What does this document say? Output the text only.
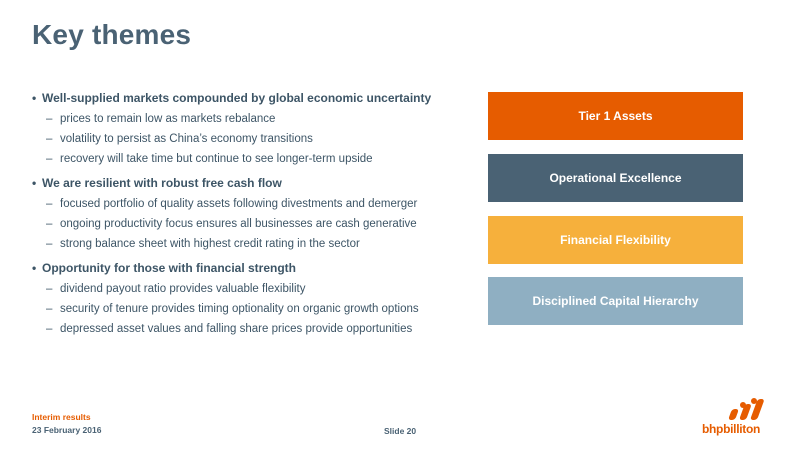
Key themes
• Well-supplied markets compounded by global economic uncertainty
– prices to remain low as markets rebalance
– volatility to persist as China’s economy transitions
– recovery will take time but continue to see longer-term upside
• We are resilient with robust free cash flow
– focused portfolio of quality assets following divestments and demerger
– ongoing productivity focus ensures all businesses are cash generative
– strong balance sheet with highest credit rating in the sector
• Opportunity for those with financial strength
– dividend payout ratio provides valuable flexibility
– security of tenure provides timing optionality on organic growth options
– depressed asset values and falling share prices provide opportunities
Tier 1 Assets
Operational Excellence
Financial Flexibility
Disciplined Capital Hierarchy
Interim results
23 February 2016	Slide 20	bhpbilliton
